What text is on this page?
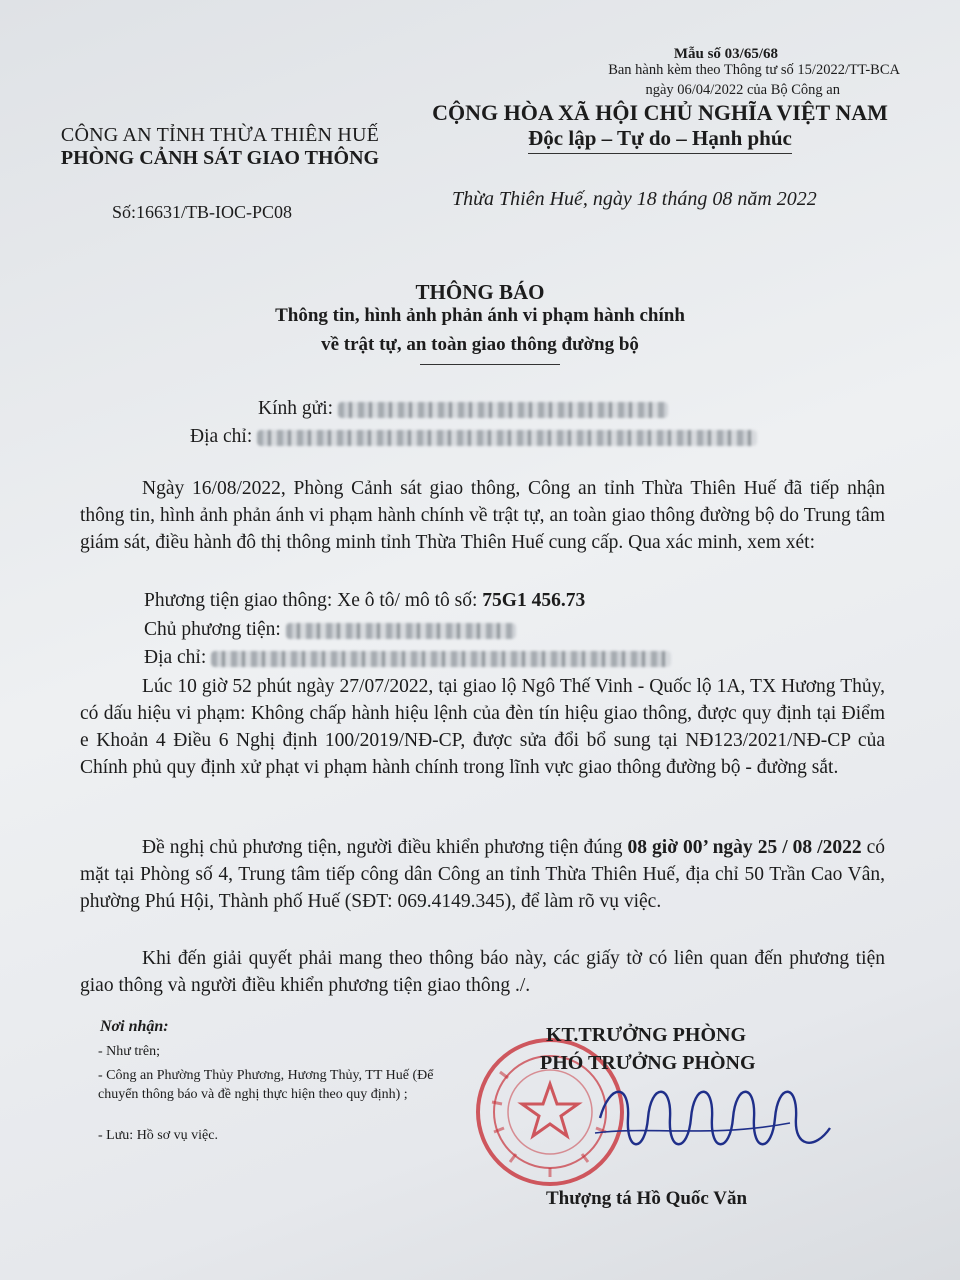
Mẫu số 03/65/68
Ban hành kèm theo Thông tư số 15/2022/TT-BCA
ngày 06/04/2022 của Bộ Công an
CÔNG AN TỈNH THỪA THIÊN HUẾ
PHÒNG CẢNH SÁT GIAO THÔNG
CỘNG HÒA XÃ HỘI CHỦ NGHĨA VIỆT NAM
Độc lập – Tự do – Hạnh phúc
Số:16631/TB-IOC-PC08
Thừa Thiên Huế, ngày 18 tháng 08 năm 2022
THÔNG BÁO
Thông tin, hình ảnh phản ánh vi phạm hành chính
về trật tự, an toàn giao thông đường bộ
Kính gửi:
Địa chỉ:
Ngày 16/08/2022, Phòng Cảnh sát giao thông, Công an tỉnh Thừa Thiên Huế đã tiếp nhận thông tin, hình ảnh phản ánh vi phạm hành chính về trật tự, an toàn giao thông đường bộ do Trung tâm giám sát, điều hành đô thị thông minh tỉnh Thừa Thiên Huế cung cấp. Qua xác minh, xem xét:
Phương tiện giao thông: Xe ô tô/ mô tô số: 75G1 456.73
Chủ phương tiện:
Địa chỉ:
Lúc 10 giờ 52 phút ngày 27/07/2022, tại giao lộ Ngô Thế Vinh - Quốc lộ 1A, TX Hương Thủy, có dấu hiệu vi phạm: Không chấp hành hiệu lệnh của đèn tín hiệu giao thông, được quy định tại Điểm e Khoản 4 Điều 6 Nghị định 100/2019/NĐ-CP, được sửa đổi bổ sung tại NĐ123/2021/NĐ-CP của Chính phủ quy định xử phạt vi phạm hành chính trong lĩnh vực giao thông đường bộ - đường sắt.
Đề nghị chủ phương tiện, người điều khiển phương tiện đúng 08 giờ 00’ ngày 25 / 08 /2022 có mặt tại Phòng số 4, Trung tâm tiếp công dân Công an tỉnh Thừa Thiên Huế, địa chỉ 50 Trần Cao Vân, phường Phú Hội, Thành phố Huế (SĐT: 069.4149.345), để làm rõ vụ việc.
Khi đến giải quyết phải mang theo thông báo này, các giấy tờ có liên quan đến phương tiện giao thông và người điều khiển phương tiện giao thông ./.
Nơi nhận:
- Như trên;
- Công an Phường Thủy Phương, Hương Thủy, TT Huế (Để chuyển thông báo và đề nghị thực hiện theo quy định) ;
- Lưu: Hồ sơ vụ việc.
KT.TRƯỞNG PHÒNG
PHÓ TRƯỞNG PHÒNG
Thượng tá Hồ Quốc Văn
